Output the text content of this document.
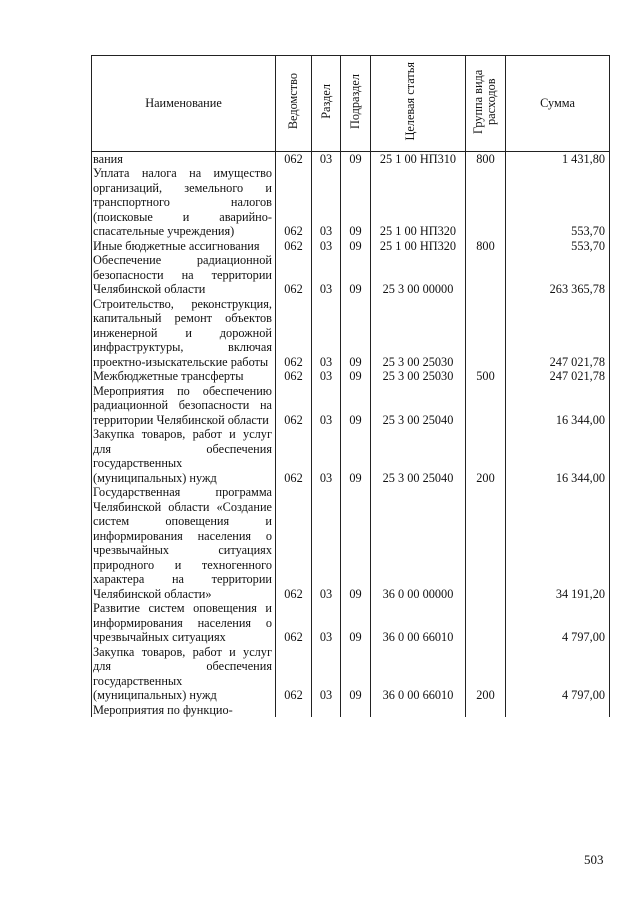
Наименование	Ведомство	Раздел	Подраздел	Целевая статья	Группа вида расходов	Сумма
вания	062	03	09	25 1 00 НП310	800	1 431,80
Уплата налога на имущество организаций, земельного и транспортного налогов (поисковые и аварийно-спасательные учреждения)	062	03	09	25 1 00 НП320		553,70
Иные бюджетные ассигнования	062	03	09	25 1 00 НП320	800	553,70
Обеспечение радиационной безопасности на территории Челябинской области	062	03	09	25 3 00 00000		263 365,78
Строительство, реконструкция, капитальный ремонт объектов инженерной и дорожной инфраструктуры, включая проектно-изыскательские работы	062	03	09	25 3 00 25030		247 021,78
Межбюджетные трансферты	062	03	09	25 3 00 25030	500	247 021,78
Мероприятия по обеспечению радиационной безопасности на территории Челябинской области	062	03	09	25 3 00 25040		16 344,00
Закупка товаров, работ и услуг для обеспечения государственных (муниципальных) нужд	062	03	09	25 3 00 25040	200	16 344,00
Государственная программа Челябинской области «Создание систем оповещения и информирования населения о чрезвычайных ситуациях природного и техногенного характера на территории Челябинской области»	062	03	09	36 0 00 00000		34 191,20
Развитие систем оповещения и информирования населения о чрезвычайных ситуациях	062	03	09	36 0 00 66010		4 797,00
Закупка товаров, работ и услуг для обеспечения государственных (муниципальных) нужд	062	03	09	36 0 00 66010	200	4 797,00
Мероприятия по функцио-						
503
